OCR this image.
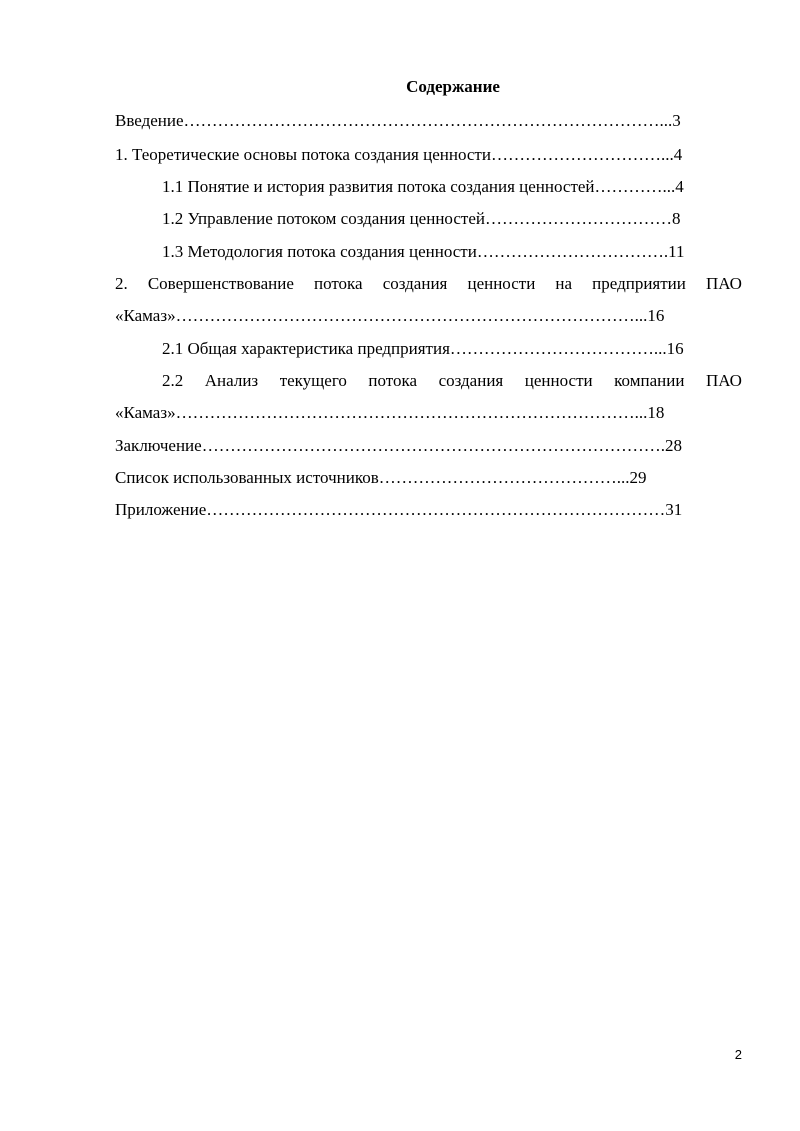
Содержание
Введение…………………………………………………………………………...3
1. Теоретические основы потока создания ценности…………………………...4
1.1 Понятие и история развития потока создания ценностей…………...4
1.2 Управление потоком создания ценностей……………………………8
1.3 Методология потока создания ценности…………………………….11
2. Совершенствование потока создания ценности на предприятии ПАО
«Камаз»………………………………………………………………………...16
2.1 Общая характеристика предприятия………………………………...16
2.2 Анализ текущего потока создания ценности компании ПАО
«Камаз»………………………………………………………………………...18
Заключение……………………………………………………………………….28
Список использованных источников……………………………………...29
Приложение………………………………………………………………………31
2
